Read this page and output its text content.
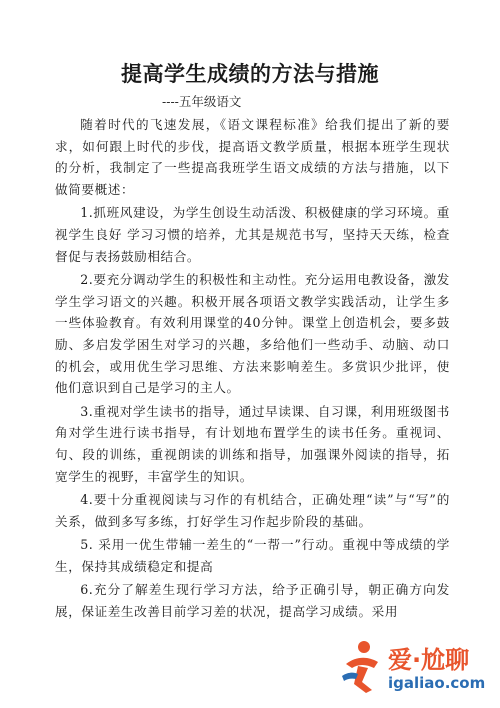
提高学生成绩的方法与措施
----五年级语文

随着时代的飞速发展，《语文课程标准》给我们提出了新的要求，如何跟上时代的步伐，提高语文教学质量，根据本班学生现状的分析，我制定了一些提高我班学生语文成绩的方法与措施，以下做简要概述：

1.抓班风建设，为学生创设生动活泼、积极健康的学习环境。重视学生良好 学习习惯的培养，尤其是规范书写，坚持天天练，检查督促与表扬鼓励相结合。

2.要充分调动学生的积极性和主动性。充分运用电教设备，激发学生学习语文的兴趣。积极开展各项语文教学实践活动，让学生多一些体验教育。有效利用课堂的40分钟。课堂上创造机会，要多鼓励、多启发学困生对学习的兴趣，多给他们一些动手、动脑、动口的机会，或用优生学习思维、方法来影响差生。多赏识少批评，使他们意识到自己是学习的主人。

3.重视对学生读书的指导，通过早读课、自习课，利用班级图书角对学生进行读书指导，有计划地布置学生的读书任务。重视词、句、段的训练，重视朗读的训练和指导，加强课外阅读的指导，拓宽学生的视野，丰富学生的知识。

4.要十分重视阅读与习作的有机结合，正确处理“读”与“写”的关系，做到多写多练，打好学生习作起步阶段的基础。

5. 采用一优生带辅一差生的“一帮一”行动。重视中等成绩的学生，保持其成绩稳定和提高

6.充分了解差生现行学习方法，给予正确引导，朝正确方向发展，保证差生改善目前学习差的状况，提高学习成绩。采用

爱·尬聊
igaliao.com
